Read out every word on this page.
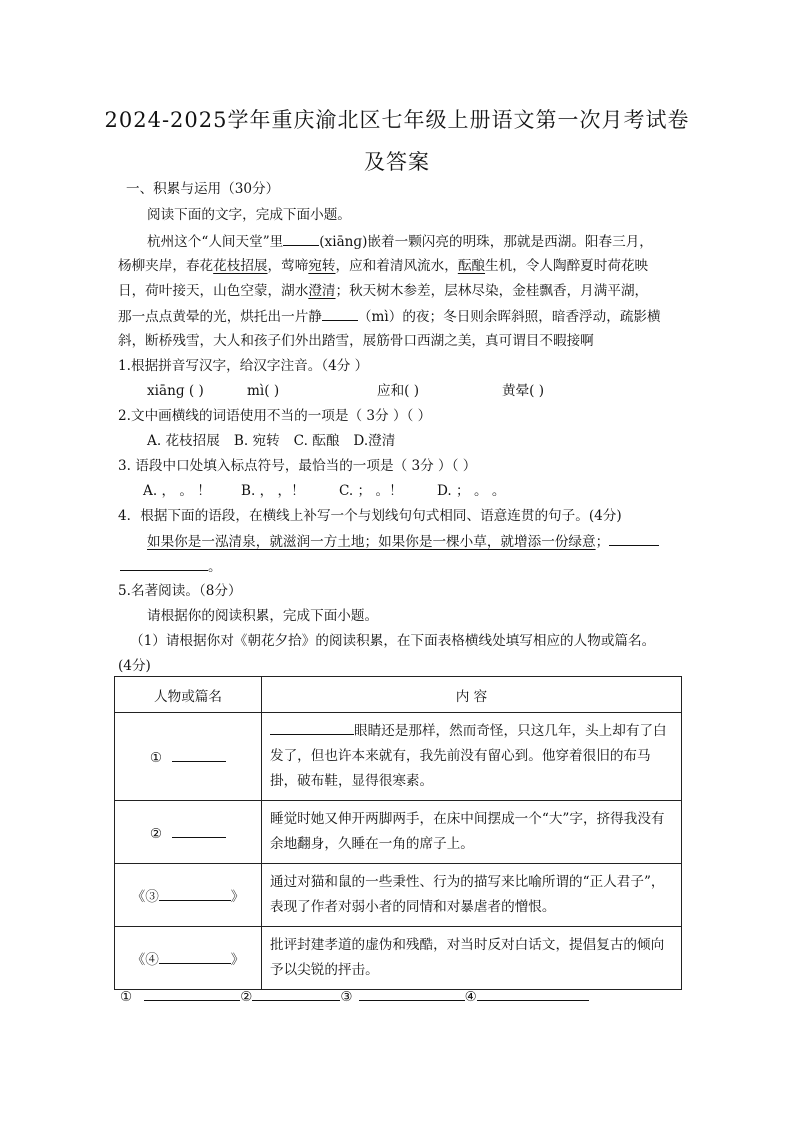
2024-2025学年重庆渝北区七年级上册语文第一次月考试卷
及答案
一、积累与运用（30分）
阅读下面的文字，完成下面小题。
杭州这个“人间天堂”里	(xiānɡ)嵌着一颗闪亮的明珠，那就是西湖。阳春三月，
杨柳夹岸，春花花枝招展，莺啼宛转，应和着清风流水，酝酿生机，令人陶醉夏时荷花映
日，荷叶接天，山色空蒙，湖水澄清；秋天树木参差，层林尽染，金桂飘香，月满平湖，
那一点点黄晕的光，烘托出一片静	（mì）的夜；冬日则余晖斜照，暗香浮动，疏影横
斜，断桥残雪，大人和孩子们外出踏雪，展筋骨口西湖之美，真可谓目不暇接啊
1.根据拼音写汉字，给汉字注音。（4分 ）
xiānɡ ( )	mì( )	应和( )	黄晕( )
2.文中画横线的词语使用不当的一项是（ 3分 ）（ ）
A. 花枝招展 B. 宛转 C. 酝酿 D.澄清
3. 语段中口处填入标点符号，最恰当的一项是（ 3分 ）（ ）
A. ， 。 ！ B. ， ，！	C. ； 。！	D. ； 。 。
4．根据下面的语段，在横线上补写一个与划线句句式相同、语意连贯的句子。(4分)
如果你是一泓清泉，就滋润一方土地；如果你是一棵小草，就增添一份绿意；
。
5.名著阅读。（8分）
请根据你的阅读积累，完成下面小题。
（1）请根据你对《朝花夕拾》的阅读积累，在下面表格横线处填写相应的人物或篇名。
(4分)
人物或篇名	内 容
①	眼睛还是那样，然而奇怪，只这几年，头上却有了白发了，但也许本来就有，我先前没有留心到。他穿着很旧的布马掛，破布鞋，显得很寒素。
②	睡觉时她又伸开两脚两手，在床中间摆成一个“大”字，挤得我没有余地翻身，久睡在一角的席子上。
《③ 》	通过对猫和鼠的一些秉性、行为的描写来比喻所谓的“正人君子”，表现了作者对弱小者的同情和对暴虐者的憎恨。
《④ 》	批评封建孝道的虚伪和残酷，对当时反对白话文，提倡复古的倾向予以尖锐的抨击。
①	②	③	④
